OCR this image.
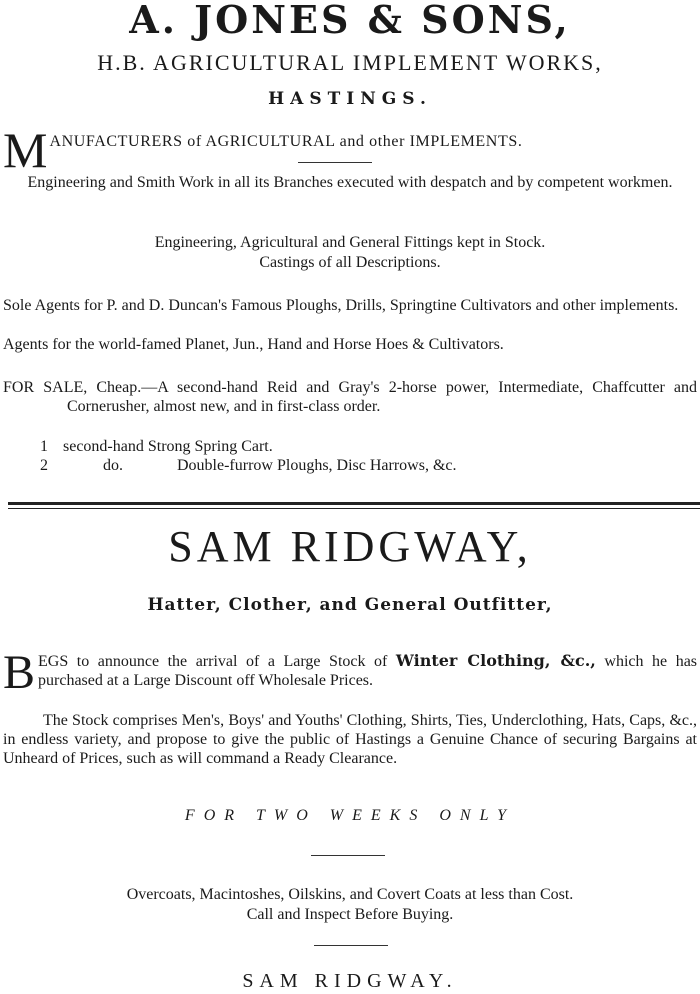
A. JONES & SONS,
H.B. AGRICULTURAL IMPLEMENT WORKS,
HASTINGS.
M ANUFACTURERS of AGRICULTURAL and other IMPLEMENTS.
Engineering and Smith Work in all its Branches executed with despatch and by competent workmen.
Engineering, Agricultural and General Fittings kept in Stock.
Castings of all Descriptions.
Sole Agents for P. and D. Duncan's Famous Ploughs, Drills, Springtine Cultivators and other implements.
Agents for the world-famed Planet, Jun., Hand and Horse Hoes & Cultivators.
FOR SALE, Cheap.—A second-hand Reid and Gray's 2-horse power, Intermediate, Chaffcutter and Cornerusher, almost new, and in first-class order.
1 second-hand Strong Spring Cart.
2	do.	Double-furrow Ploughs, Disc Harrows, &c.
SAM RIDGWAY,
Hatter, Clother, and General Outfitter,
B EGS to announce the arrival of a Large Stock of Winter Clothing, &c., which he has purchased at a Large Discount off Wholesale Prices.
The Stock comprises Men's, Boys' and Youths' Clothing, Shirts, Ties, Underclothing, Hats, Caps, &c., in endless variety, and propose to give the public of Hastings a Genuine Chance of securing Bargains at Unheard of Prices, such as will command a Ready Clearance.
FOR TWO WEEKS ONLY
Overcoats, Macintoshes, Oilskins, and Covert Coats at less than Cost.
Call and Inspect Before Buying.
SAM RIDGWAY.
